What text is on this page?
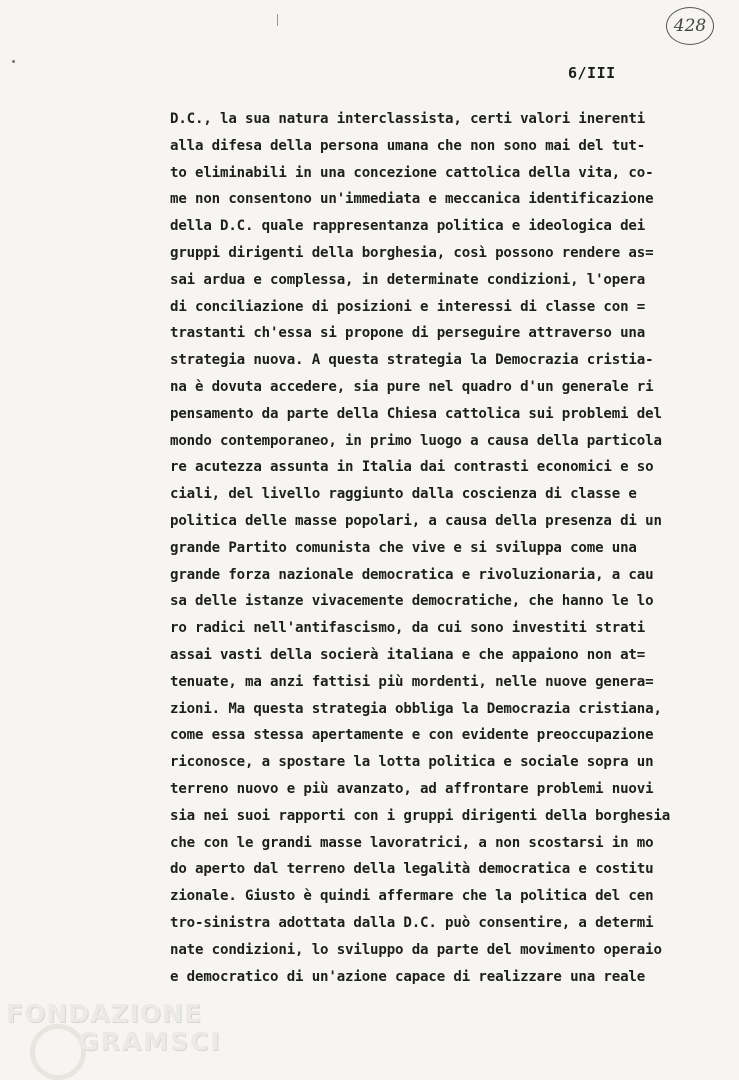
428
6/III
D.C., la sua natura interclassista, certi valori inerenti
alla difesa della persona umana che non sono mai del tut-
to eliminabili in una concezione cattolica della vita, co-
me non consentono un'immediata e meccanica identificazione
della D.C. quale rappresentanza politica e ideologica dei
gruppi dirigenti della borghesia, così possono rendere as=
sai ardua e complessa, in determinate condizioni, l'opera
di conciliazione di posizioni e interessi di classe con =
trastanti ch'essa si propone di perseguire attraverso una
strategia nuova. A questa strategia la Democrazia cristia-
na è dovuta accedere, sia pure nel quadro d'un generale ri
pensamento da parte della Chiesa cattolica sui problemi del
mondo contemporaneo, in primo luogo a causa della particola
re acutezza assunta in Italia dai contrasti economici e so
ciali, del livello raggiunto dalla coscienza di classe e
politica delle masse popolari, a causa della presenza di un
grande Partito comunista che vive e si sviluppa come una
grande forza nazionale democratica e rivoluzionaria, a cau
sa delle istanze vivacemente democratiche, che hanno le lo
ro radici nell'antifascismo, da cui sono investiti strati
assai vasti della socierà italiana e che appaiono non at=
tenuate, ma anzi fattisi più mordenti, nelle nuove genera=
zioni. Ma questa strategia obbliga la Democrazia cristiana,
come essa stessa apertamente e con evidente preoccupazione
riconosce, a spostare la lotta politica e sociale sopra un
terreno nuovo e più avanzato, ad affrontare problemi nuovi
sia nei suoi rapporti con i gruppi dirigenti della borghesia
che con le grandi masse lavoratrici, a non scostarsi in mo
do aperto dal terreno della legalità democratica e costitu
zionale. Giusto è quindi affermare che la politica del cen
tro-sinistra adottata dalla D.C. può consentire, a determi
nate condizioni, lo sviluppo da parte del movimento operaio
e democratico di un'azione capace di realizzare una reale
FONDAZIONE
GRAMSCI
